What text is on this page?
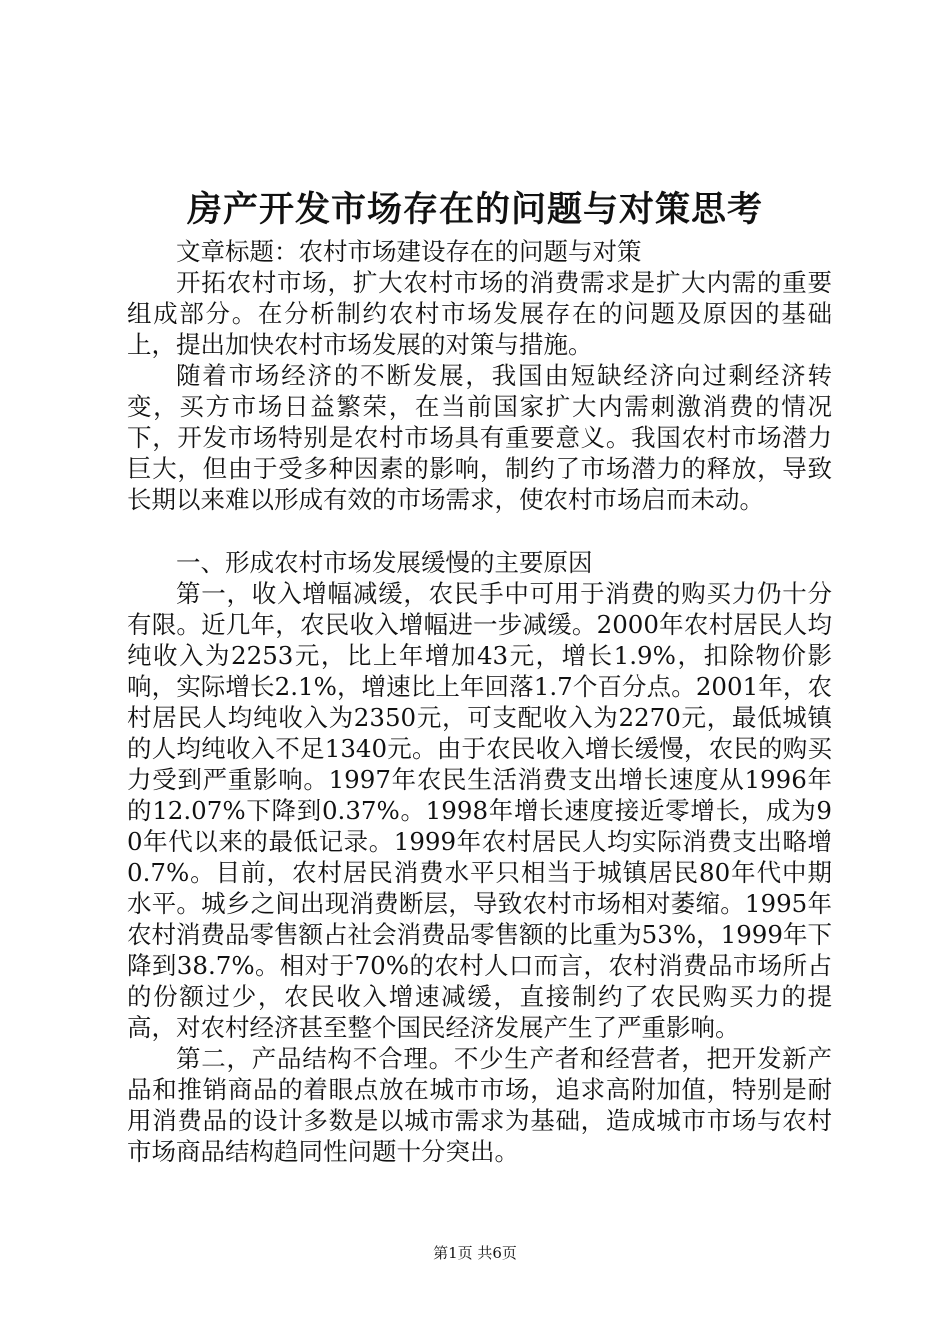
房产开发市场存在的问题与对策思考

文章标题：农村市场建设存在的问题与对策

开拓农村市场，扩大农村市场的消费需求是扩大内需的重要组成部分。在分析制约农村市场发展存在的问题及原因的基础上，提出加快农村市场发展的对策与措施。

随着市场经济的不断发展，我国由短缺经济向过剩经济转变，买方市场日益繁荣，在当前国家扩大内需刺激消费的情况下，开发市场特别是农村市场具有重要意义。我国农村市场潜力巨大，但由于受多种因素的影响，制约了市场潜力的释放，导致长期以来难以形成有效的市场需求，使农村市场启而未动。

一、形成农村市场发展缓慢的主要原因

第一，收入增幅减缓，农民手中可用于消费的购买力仍十分有限。近几年，农民收入增幅进一步减缓。2000年农村居民人均纯收入为2253元，比上年增加43元，增长1.9%，扣除物价影响，实际增长2.1%，增速比上年回落1.7个百分点。2001年，农村居民人均纯收入为2350元，可支配收入为2270元，最低城镇的人均纯收入不足1340元。由于农民收入增长缓慢，农民的购买力受到严重影响。1997年农民生活消费支出增长速度从1996年的12.07%下降到0.37%。1998年增长速度接近零增长，成为90年代以来的最低记录。1999年农村居民人均实际消费支出略增0.7%。目前，农村居民消费水平只相当于城镇居民80年代中期水平。城乡之间出现消费断层，导致农村市场相对萎缩。1995年农村消费品零售额占社会消费品零售额的比重为53%，1999年下降到38.7%。相对于70%的农村人口而言，农村消费品市场所占的份额过少，农民收入增速减缓，直接制约了农民购买力的提高，对农村经济甚至整个国民经济发展产生了严重影响。

第二，产品结构不合理。不少生产者和经营者，把开发新产品和推销商品的着眼点放在城市市场，追求高附加值，特别是耐用消费品的设计多数是以城市需求为基础，造成城市市场与农村市场商品结构趋同性问题十分突出。

第1页 共6页
